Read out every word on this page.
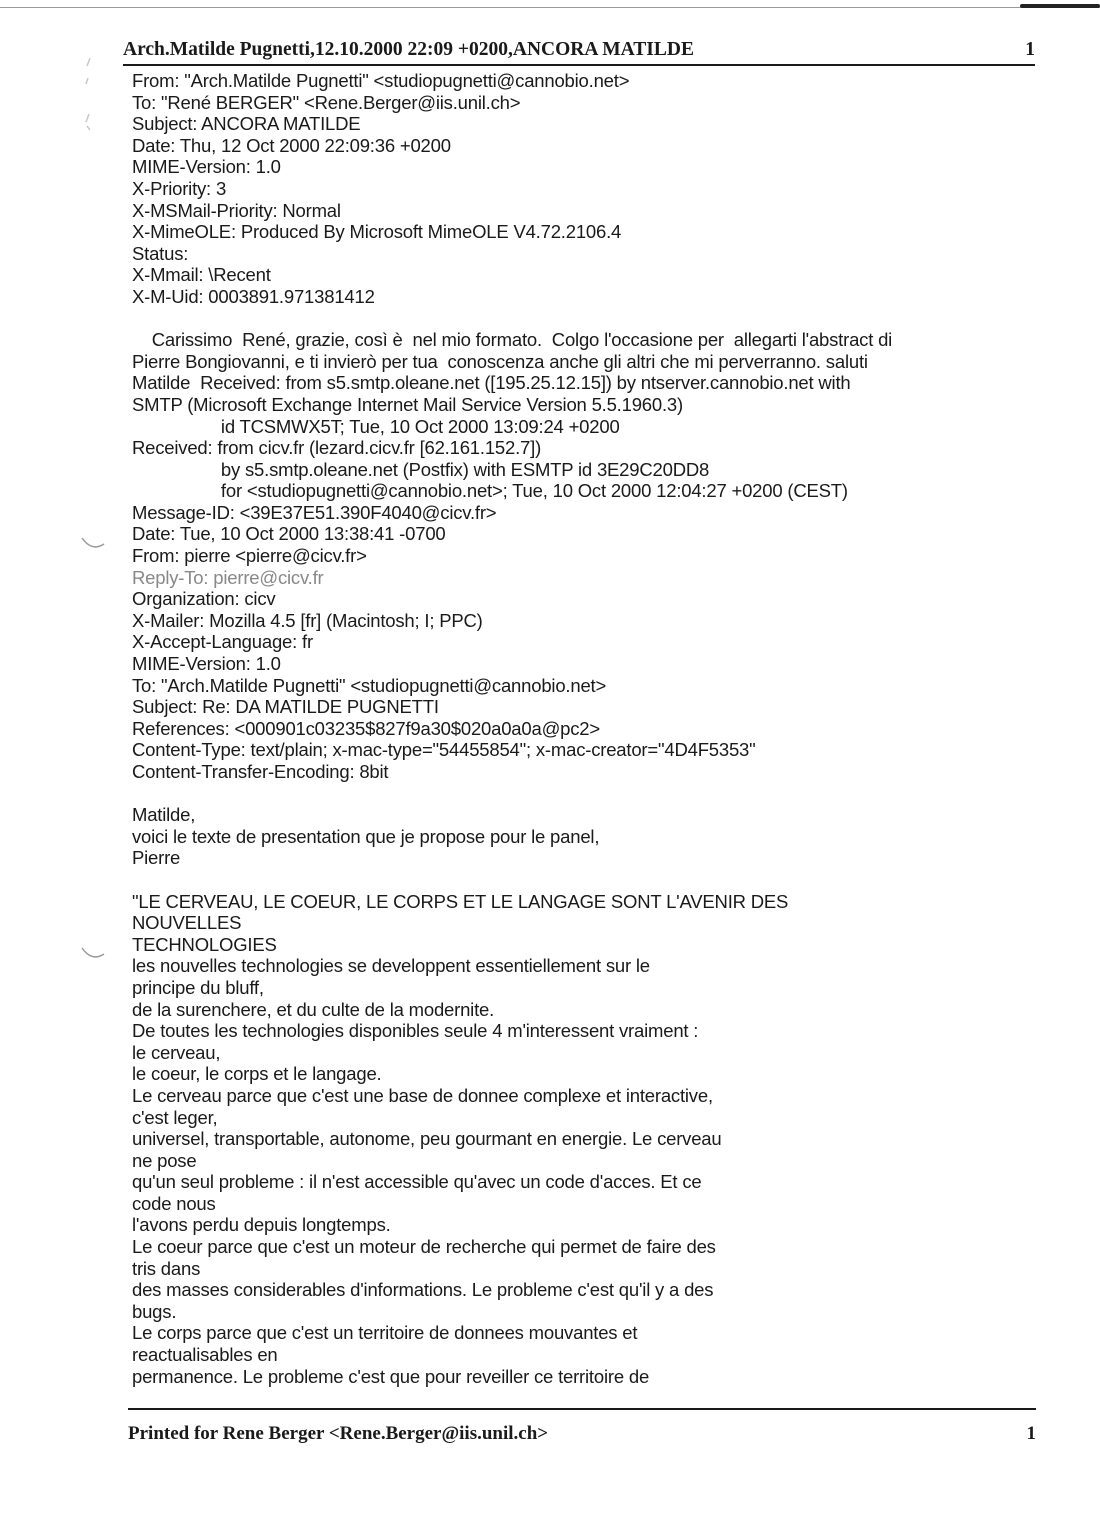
Arch.Matilde Pugnetti,12.10.2000 22:09 +0200,ANCORA MATILDE	1
From: "Arch.Matilde Pugnetti" <studiopugnetti@cannobio.net>
To: "René BERGER" <Rene.Berger@iis.unil.ch>
Subject: ANCORA MATILDE
Date: Thu, 12 Oct 2000 22:09:36 +0200
MIME-Version: 1.0
X-Priority: 3
X-MSMail-Priority: Normal
X-MimeOLE: Produced By Microsoft MimeOLE V4.72.2106.4
Status:
X-Mmail: \Recent
X-M-Uid: 0003891.971381412
Carissimo  René, grazie, così è  nel mio formato.  Colgo l'occasione per  allegarti l'abstract di
Pierre Bongiovanni, e ti invierò per tua  conoscenza anche gli altri che mi perverranno. saluti
Matilde  Received: from s5.smtp.oleane.net ([195.25.12.15]) by ntserver.cannobio.net with
SMTP (Microsoft Exchange Internet Mail Service Version 5.5.1960.3)
id TCSMWX5T; Tue, 10 Oct 2000 13:09:24 +0200
Received: from cicv.fr (lezard.cicv.fr [62.161.152.7])
by s5.smtp.oleane.net (Postfix) with ESMTP id 3E29C20DD8
for <studiopugnetti@cannobio.net>; Tue, 10 Oct 2000 12:04:27 +0200 (CEST)
Message-ID: <39E37E51.390F4040@cicv.fr>
Date: Tue, 10 Oct 2000 13:38:41 -0700
From: pierre <pierre@cicv.fr>
Reply-To: pierre@cicv.fr
Organization: cicv
X-Mailer: Mozilla 4.5 [fr] (Macintosh; I; PPC)
X-Accept-Language: fr
MIME-Version: 1.0
To: "Arch.Matilde Pugnetti" <studiopugnetti@cannobio.net>
Subject: Re: DA MATILDE PUGNETTI
References: <000901c03235$827f9a30$020a0a0a@pc2>
Content-Type: text/plain; x-mac-type="54455854"; x-mac-creator="4D4F5353"
Content-Transfer-Encoding: 8bit
Matilde,
voici le texte de presentation que je propose pour le panel,
Pierre
"LE CERVEAU, LE COEUR, LE CORPS ET LE LANGAGE SONT L'AVENIR DES
NOUVELLES
TECHNOLOGIES
les nouvelles technologies se developpent essentiellement sur le
principe du bluff,
de la surenchere, et du culte de la modernite.
De toutes les technologies disponibles seule 4 m'interessent vraiment :
le cerveau,
le coeur, le corps et le langage.
Le cerveau parce que c'est une base de donnee complexe et interactive,
c'est leger,
universel, transportable, autonome, peu gourmant en energie. Le cerveau
ne pose
qu'un seul probleme : il n'est accessible qu'avec un code d'acces. Et ce
code nous
l'avons perdu depuis longtemps.
Le coeur parce que c'est un moteur de recherche qui permet de faire des
tris dans
des masses considerables d'informations. Le probleme c'est qu'il y a des
bugs.
Le corps parce que c'est un territoire de donnees mouvantes et
reactualisables en
permanence. Le probleme c'est que pour reveiller ce territoire de
Printed for Rene Berger <Rene.Berger@iis.unil.ch>	1
